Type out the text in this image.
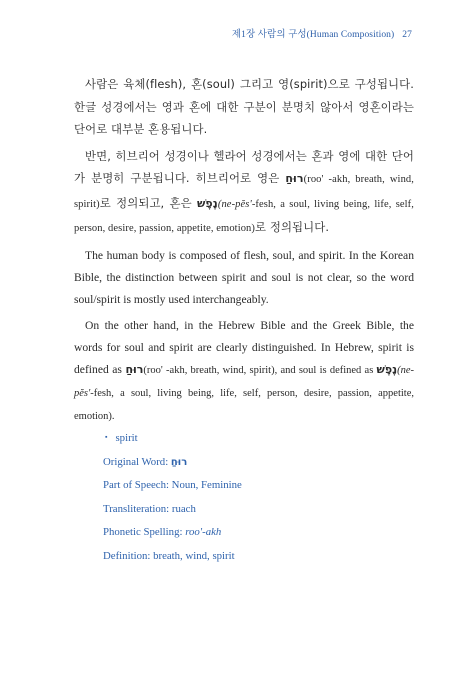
제1장 사람의 구성(Human Composition) 27

사람은 육체(flesh), 혼(soul) 그리고 영(spirit)으로 구성됩니다. 한글 성경에서는 영과 혼에 대한 구분이 분명치 않아서 영혼이라는 단어로 대부분 혼용됩니다.

반면, 히브리어 성경이나 헬라어 성경에서는 혼과 영에 대한 단어가 분명히 구분됩니다. 히브리어로 영은 רוּחַ(roo' -akh, breath, wind, spirit)로 정의되고, 혼은 נֶפֶשׁ(ne-pĕs'-fesh, a soul, living being, life, self, person, desire, passion, appetite, emotion)로 정의됩니다.

The human body is composed of flesh, soul, and spirit. In the Korean Bible, the distinction between spirit and soul is not clear, so the word soul/spirit is mostly used interchangeably.

On the other hand, in the Hebrew Bible and the Greek Bible, the words for soul and spirit are clearly distinguished. In Hebrew, spirit is defined as רוּחַ(roo' -akh, breath, wind, spirit), and soul is defined as נֶפֶשׁ(ne-pĕs'-fesh, a soul, living being, life, self, person, desire, passion, appetite, emotion).

▪ spirit
Original Word: רוּחַ
Part of Speech: Noun, Feminine
Transliteration: ruach
Phonetic Spelling: roo'-akh
Definition: breath, wind, spirit
